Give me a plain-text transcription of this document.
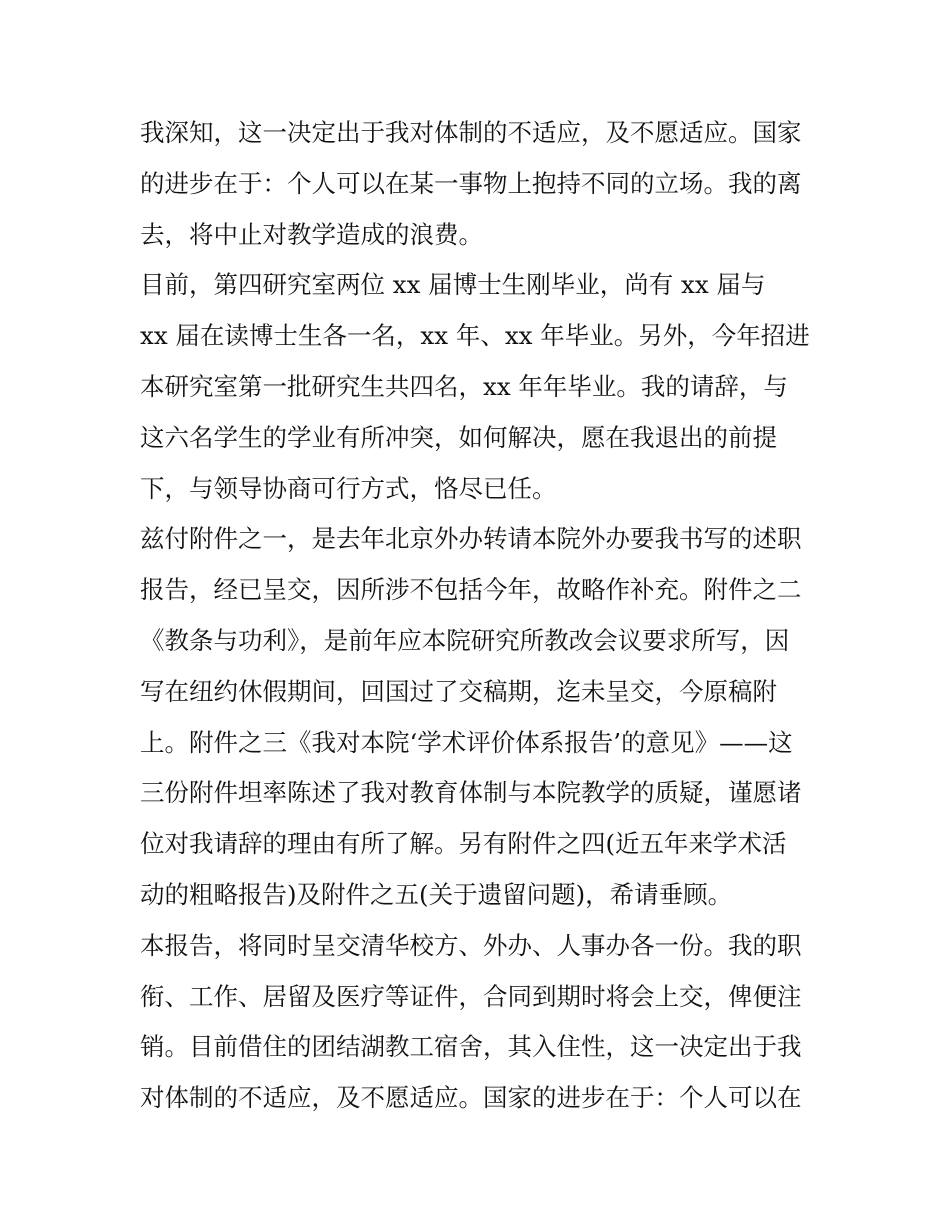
我深知，这一决定出于我对体制的不适应，及不愿适应。国家
的进步在于：个人可以在某一事物上抱持不同的立场。我的离
去，将中止对教学造成的浪费。
目前，第四研究室两位 xx 届博士生刚毕业，尚有 xx 届与
xx 届在读博士生各一名，xx 年、xx 年毕业。另外，今年招进
本研究室第一批研究生共四名，xx 年年毕业。我的请辞，与
这六名学生的学业有所冲突，如何解决，愿在我退出的前提
下，与领导协商可行方式，恪尽已任。
兹付附件之一，是去年北京外办转请本院外办要我书写的述职
报告，经已呈交，因所涉不包括今年，故略作补充。附件之二
《教条与功利》，是前年应本院研究所教改会议要求所写，因
写在纽约休假期间，回国过了交稿期，迄未呈交，今原稿附
上。附件之三《我对本院‘学术评价体系报告’的意见》——这
三份附件坦率陈述了我对教育体制与本院教学的质疑，谨愿诸
位对我请辞的理由有所了解。另有附件之四(近五年来学术活
动的粗略报告)及附件之五(关于遗留问题)，希请垂顾。
本报告，将同时呈交清华校方、外办、人事办各一份。我的职
衔、工作、居留及医疗等证件，合同到期时将会上交，俾便注
销。目前借住的团结湖教工宿舍，其入住性，这一决定出于我
对体制的不适应，及不愿适应。国家的进步在于：个人可以在
